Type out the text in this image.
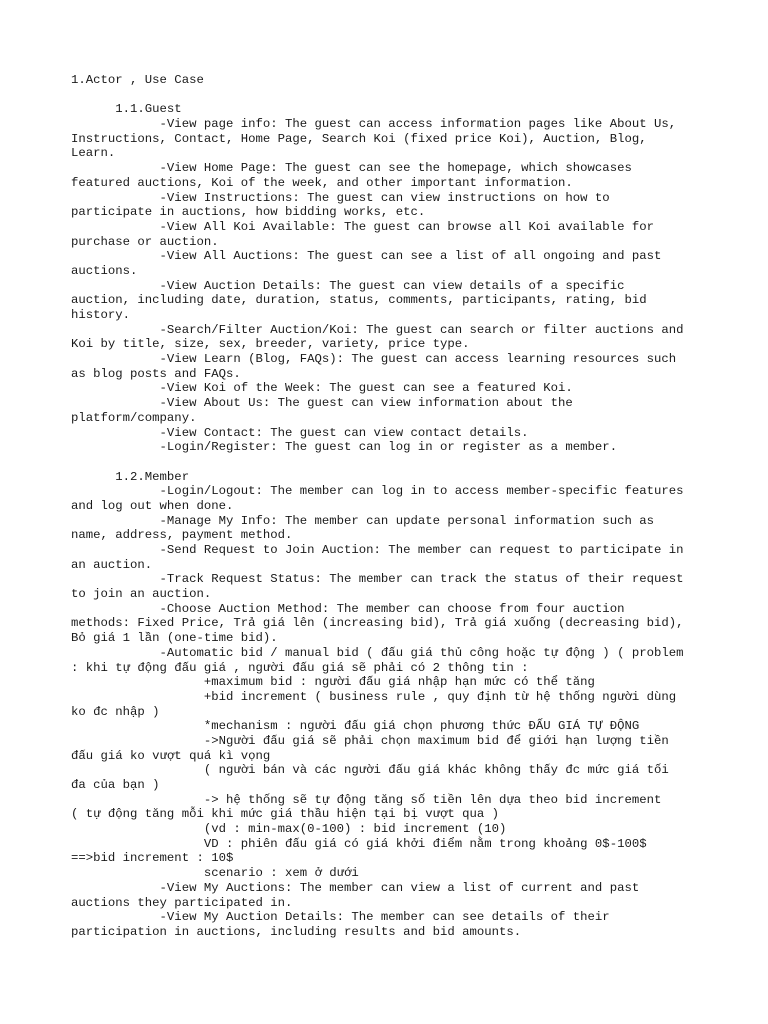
1.Actor , Use Case
1.1.Guest
-View page info: The guest can access information pages like About Us,
Instructions, Contact, Home Page, Search Koi (fixed price Koi), Auction, Blog,
Learn.
-View Home Page: The guest can see the homepage, which showcases
featured auctions, Koi of the week, and other important information.
-View Instructions: The guest can view instructions on how to
participate in auctions, how bidding works, etc.
-View All Koi Available: The guest can browse all Koi available for
purchase or auction.
-View All Auctions: The guest can see a list of all ongoing and past
auctions.
-View Auction Details: The guest can view details of a specific
auction, including date, duration, status, comments, participants, rating, bid
history.
-Search/Filter Auction/Koi: The guest can search or filter auctions and
Koi by title, size, sex, breeder, variety, price type.
-View Learn (Blog, FAQs): The guest can access learning resources such
as blog posts and FAQs.
-View Koi of the Week: The guest can see a featured Koi.
-View About Us: The guest can view information about the
platform/company.
-View Contact: The guest can view contact details.
-Login/Register: The guest can log in or register as a member.
1.2.Member
-Login/Logout: The member can log in to access member-specific features
and log out when done.
-Manage My Info: The member can update personal information such as
name, address, payment method.
-Send Request to Join Auction: The member can request to participate in
an auction.
-Track Request Status: The member can track the status of their request
to join an auction.
-Choose Auction Method: The member can choose from four auction
methods: Fixed Price, Trả giá lên (increasing bid), Trả giá xuống (decreasing bid),
Bỏ giá 1 lần (one-time bid).
-Automatic bid / manual bid ( đấu giá thủ công hoặc tự động ) ( problem
: khi tự động đấu giá , người đấu giá sẽ phải có 2 thông tin :
+maximum bid : người đấu giá nhập hạn mức có thể tăng
+bid increment ( business rule , quy định từ hệ thống người dùng
ko đc nhập )
*mechanism : người đấu giá chọn phương thức ĐẤU GIÁ TỰ ĐỘNG
->Người đấu giá sẽ phải chọn maximum bid để giới hạn lượng tiền
đấu giá ko vượt quá kì vọng
( người bán và các người đấu giá khác không thấy đc mức giá tối
đa của bạn )
-> hệ thống sẽ tự động tăng số tiền lên dựa theo bid increment
( tự động tăng mỗi khi mức giá thầu hiện tại bị vượt qua )
(vd : min-max(0-100) : bid increment (10)
VD : phiên đấu giá có giá khởi điểm nằm trong khoảng 0$-100$
==>bid increment : 10$
scenario : xem ở dưới
-View My Auctions: The member can view a list of current and past
auctions they participated in.
-View My Auction Details: The member can see details of their
participation in auctions, including results and bid amounts.
